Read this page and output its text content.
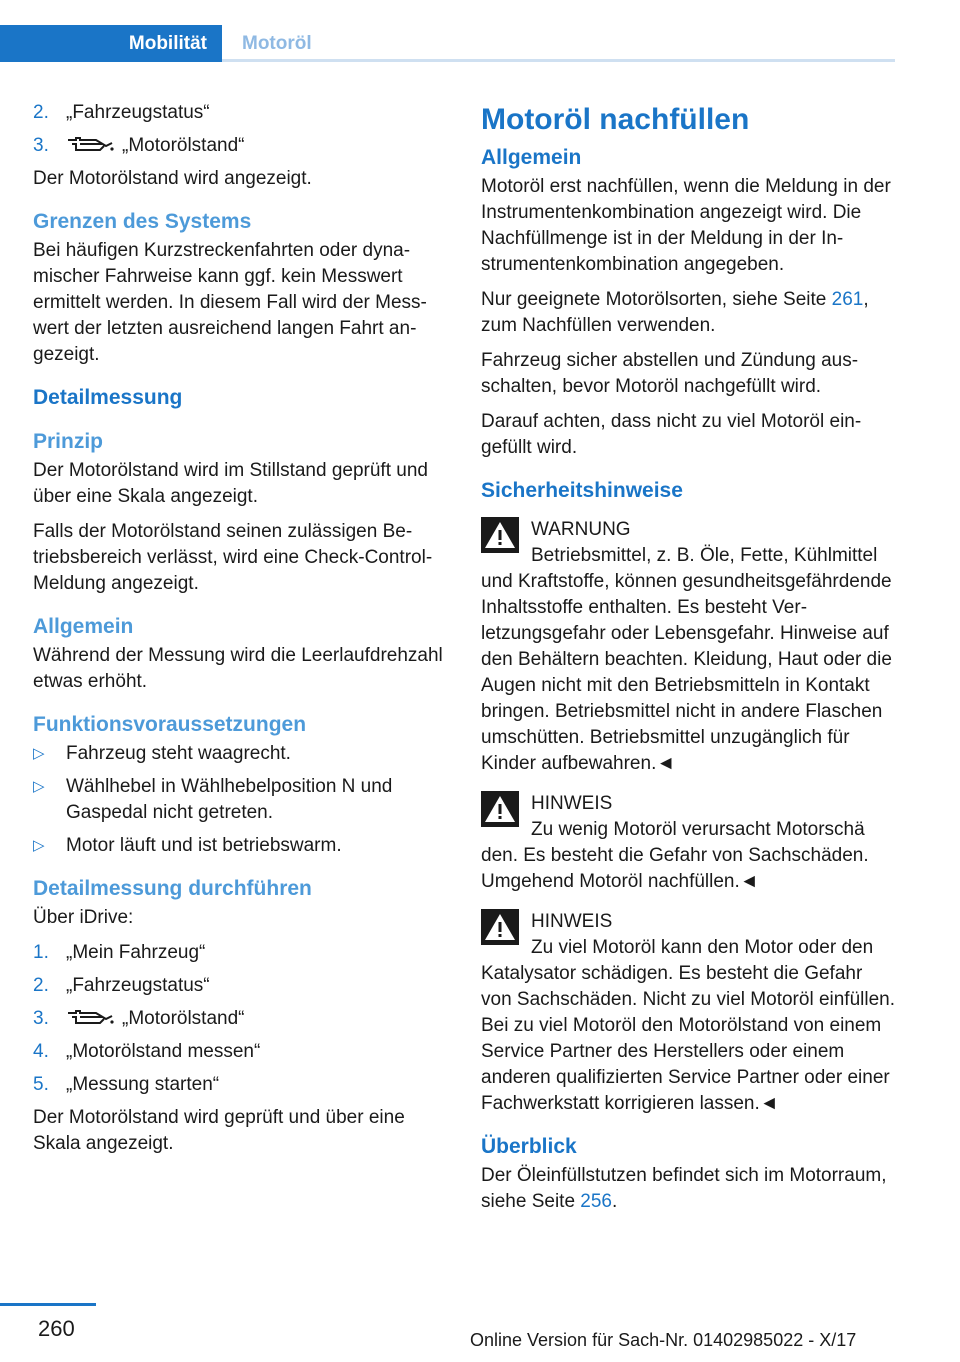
Mobilität	Motoröl
2. „Fahrzeugstatus“
3.	„Motorölstand“

Der Motorölstand wird angezeigt.

Grenzen des Systems

Bei häufigen Kurzstreckenfahrten oder dynamischer Fahrweise kann ggf. kein Messwert ermittelt werden. In diesem Fall wird der Messwert der letzten ausreichend langen Fahrt angezeigt.

Detailmessung
Prinzip

Der Motorölstand wird im Stillstand geprüft und über eine Skala angezeigt.

Falls der Motorölstand seinen zulässigen Betriebsbereich verlässt, wird eine Check-Control-Meldung angezeigt.

Allgemein

Während der Messung wird die Leerlaufdrehzahl etwas erhöht.

Funktionsvoraussetzungen
▷ Fahrzeug steht waagrecht.
▷ Wählhebel in Wählhebelposition N und Gaspedal nicht getreten.
▷ Motor läuft und ist betriebswarm.
Detailmessung durchführen

Über iDrive:

1. „Mein Fahrzeug“
2. „Fahrzeugstatus“
3.	„Motorölstand“
4. „Motorölstand messen“
5. „Messung starten“

Der Motorölstand wird geprüft und über eine Skala angezeigt.

Motoröl nachfüllen
Allgemein

Motoröl erst nachfüllen, wenn die Meldung in der Instrumentenkombination angezeigt wird. Die Nachfüllmenge ist in der Meldung in der Instrumentenkombination angegeben.

Nur geeignete Motorölsorten, siehe Seite 261, zum Nachfüllen verwenden.

Fahrzeug sicher abstellen und Zündung ausschalten, bevor Motoröl nachgefüllt wird.

Darauf achten, dass nicht zu viel Motoröl eingefüllt wird.

Sicherheitshinweise

WARNUNG

Betriebsmittel, z. B. Öle, Fette, Kühlmittel

und Kraftstoffe, können gesundheitsgefährdende Inhaltsstoffe enthalten. Es besteht Verletzungsgefahr oder Lebensgefahr. Hinweise auf den Behältern beachten. Kleidung, Haut oder die Augen nicht mit den Betriebsmitteln in Kontakt bringen. Betriebsmittel nicht in andere Flaschen umschütten. Betriebsmittel unzugänglich für Kinder aufbewahren.◄

HINWEIS

Zu wenig Motoröl verursacht Motorschä

den. Es besteht die Gefahr von Sachschäden. Umgehend Motoröl nachfüllen.◄

HINWEIS

Zu viel Motoröl kann den Motor oder den

Katalysator schädigen. Es besteht die Gefahr von Sachschäden. Nicht zu viel Motoröl einfüllen. Bei zu viel Motoröl den Motorölstand von einem Service Partner des Herstellers oder einem anderen qualifizierten Service Partner oder einer Fachwerkstatt korrigieren lassen.◄

Überblick

Der Öleinfüllstutzen befindet sich im Motorraum, siehe Seite 256.

260	Online Version für Sach-Nr. 01402985022 - X/17
